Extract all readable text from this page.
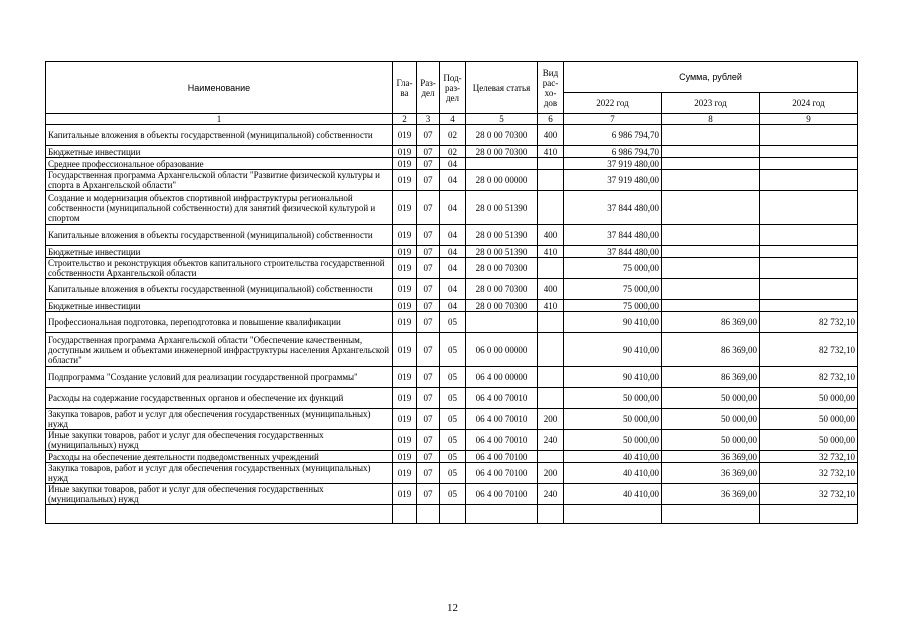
Наименование	Гла-ва	Раз-дел	Под-раз-дел	Целевая статья	Вид рас-хо-дов	Сумма, рублей		
						2022 год	2023 год	2024 год
1	2	3	4	5	6	7	8	9
Капитальные вложения в объекты государственной (муниципальной) собственности	019	07	02	28 0 00 70300	400	6 986 794,70		
Бюджетные инвестиции	019	07	02	28 0 00 70300	410	6 986 794,70		
Среднее профессиональное образование	019	07	04			37 919 480,00		
Государственная программа Архангельской области "Развитие физической культуры и спорта в Архангельской области"	019	07	04	28 0 00 00000		37 919 480,00		
Создание и модернизация объектов спортивной инфраструктуры региональной собственности (муниципальной собственности) для занятий физической культурой и спортом	019	07	04	28 0 00 51390		37 844 480,00		
Капитальные вложения в объекты государственной (муниципальной) собственности	019	07	04	28 0 00 51390	400	37 844 480,00		
Бюджетные инвестиции	019	07	04	28 0 00 51390	410	37 844 480,00		
Строительство и реконструкция объектов капитального строительства государственной собственности Архангельской области	019	07	04	28 0 00 70300		75 000,00		
Капитальные вложения в объекты государственной (муниципальной) собственности	019	07	04	28 0 00 70300	400	75 000,00		
Бюджетные инвестиции	019	07	04	28 0 00 70300	410	75 000,00		
Профессиональная подготовка, переподготовка и повышение квалификации	019	07	05			90 410,00	86 369,00	82 732,10
Государственная программа Архангельской области "Обеспечение качественным, доступным жильем и объектами инженерной инфраструктуры населения Архангельской области"	019	07	05	06 0 00 00000		90 410,00	86 369,00	82 732,10
Подпрограмма "Создание условий для реализации государственной программы"	019	07	05	06 4 00 00000		90 410,00	86 369,00	82 732,10
Расходы на содержание государственных органов и обеспечение их функций	019	07	05	06 4 00 70010		50 000,00	50 000,00	50 000,00
Закупка товаров, работ и услуг для обеспечения государственных (муниципальных) нужд	019	07	05	06 4 00 70010	200	50 000,00	50 000,00	50 000,00
Иные закупки товаров, работ и услуг для обеспечения государственных (муниципальных) нужд	019	07	05	06 4 00 70010	240	50 000,00	50 000,00	50 000,00
Расходы на обеспечение деятельности подведомственных учреждений	019	07	05	06 4 00 70100		40 410,00	36 369,00	32 732,10
Закупка товаров, работ и услуг для обеспечения государственных (муниципальных) нужд	019	07	05	06 4 00 70100	200	40 410,00	36 369,00	32 732,10
Иные закупки товаров, работ и услуг для обеспечения государственных (муниципальных) нужд	019	07	05	06 4 00 70100	240	40 410,00	36 369,00	32 732,10

12
